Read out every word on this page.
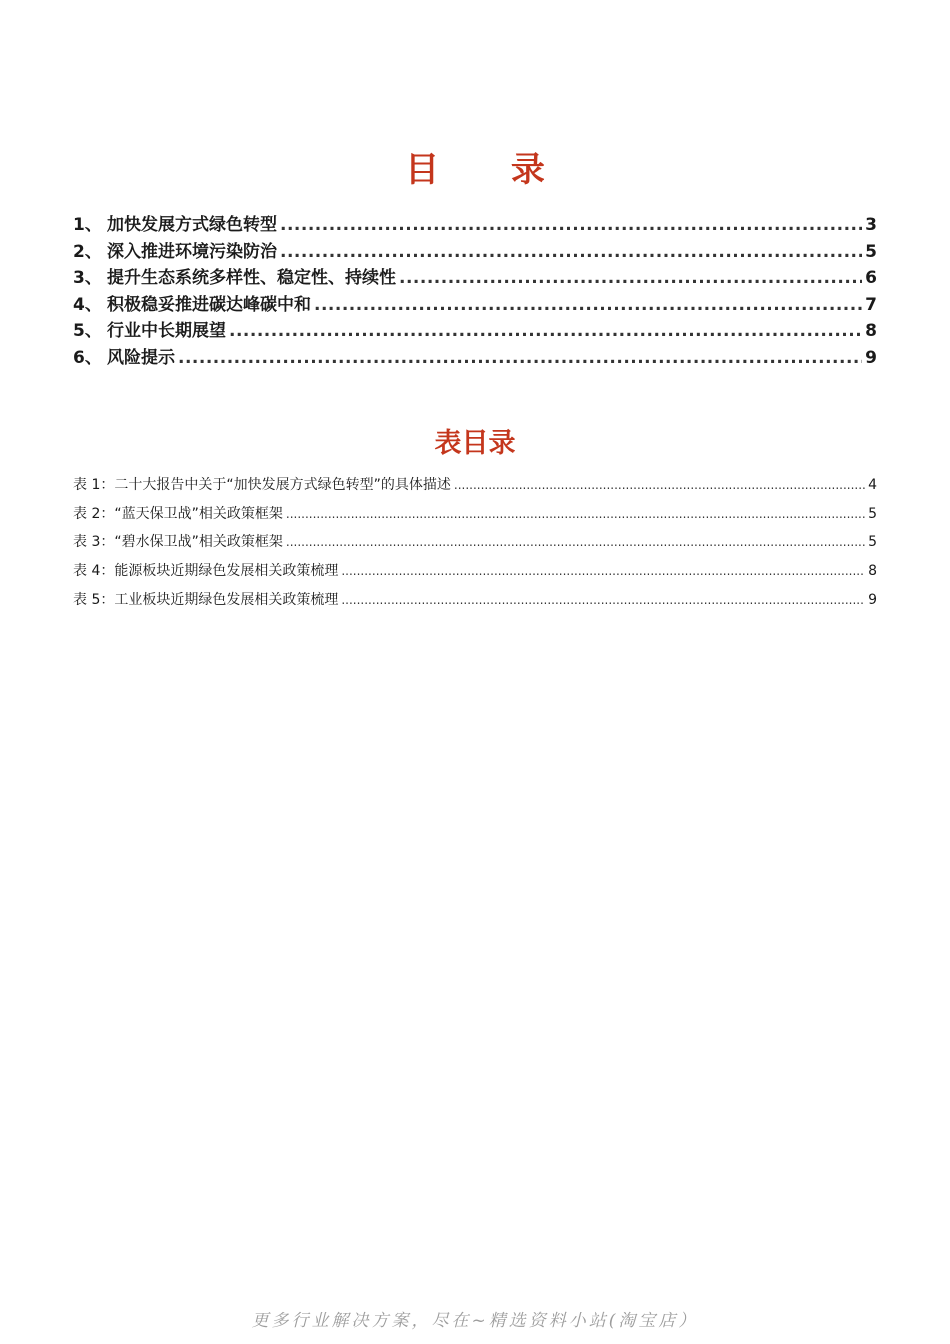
目 录
1、 加快发展方式绿色转型 .....	3
2、 深入推进环境污染防治 .....	5
3、 提升生态系统多样性、稳定性、持续性 .....	6
4、 积极稳妥推进碳达峰碳中和 .....	7
5、 行业中长期展望 .....	8
6、 风险提示 .....	9
表目录
表 1：二十大报告中关于“加快发展方式绿色转型”的具体描述 .....	4
表 2：“蓝天保卫战”相关政策框架 .....	5
表 3：“碧水保卫战”相关政策框架 .....	5
表 4：能源板块近期绿色发展相关政策梳理 .....	8
表 5：工业板块近期绿色发展相关政策梳理 .....	9

更多行业解决方案，尽在~精选资料小站(淘宝店）
